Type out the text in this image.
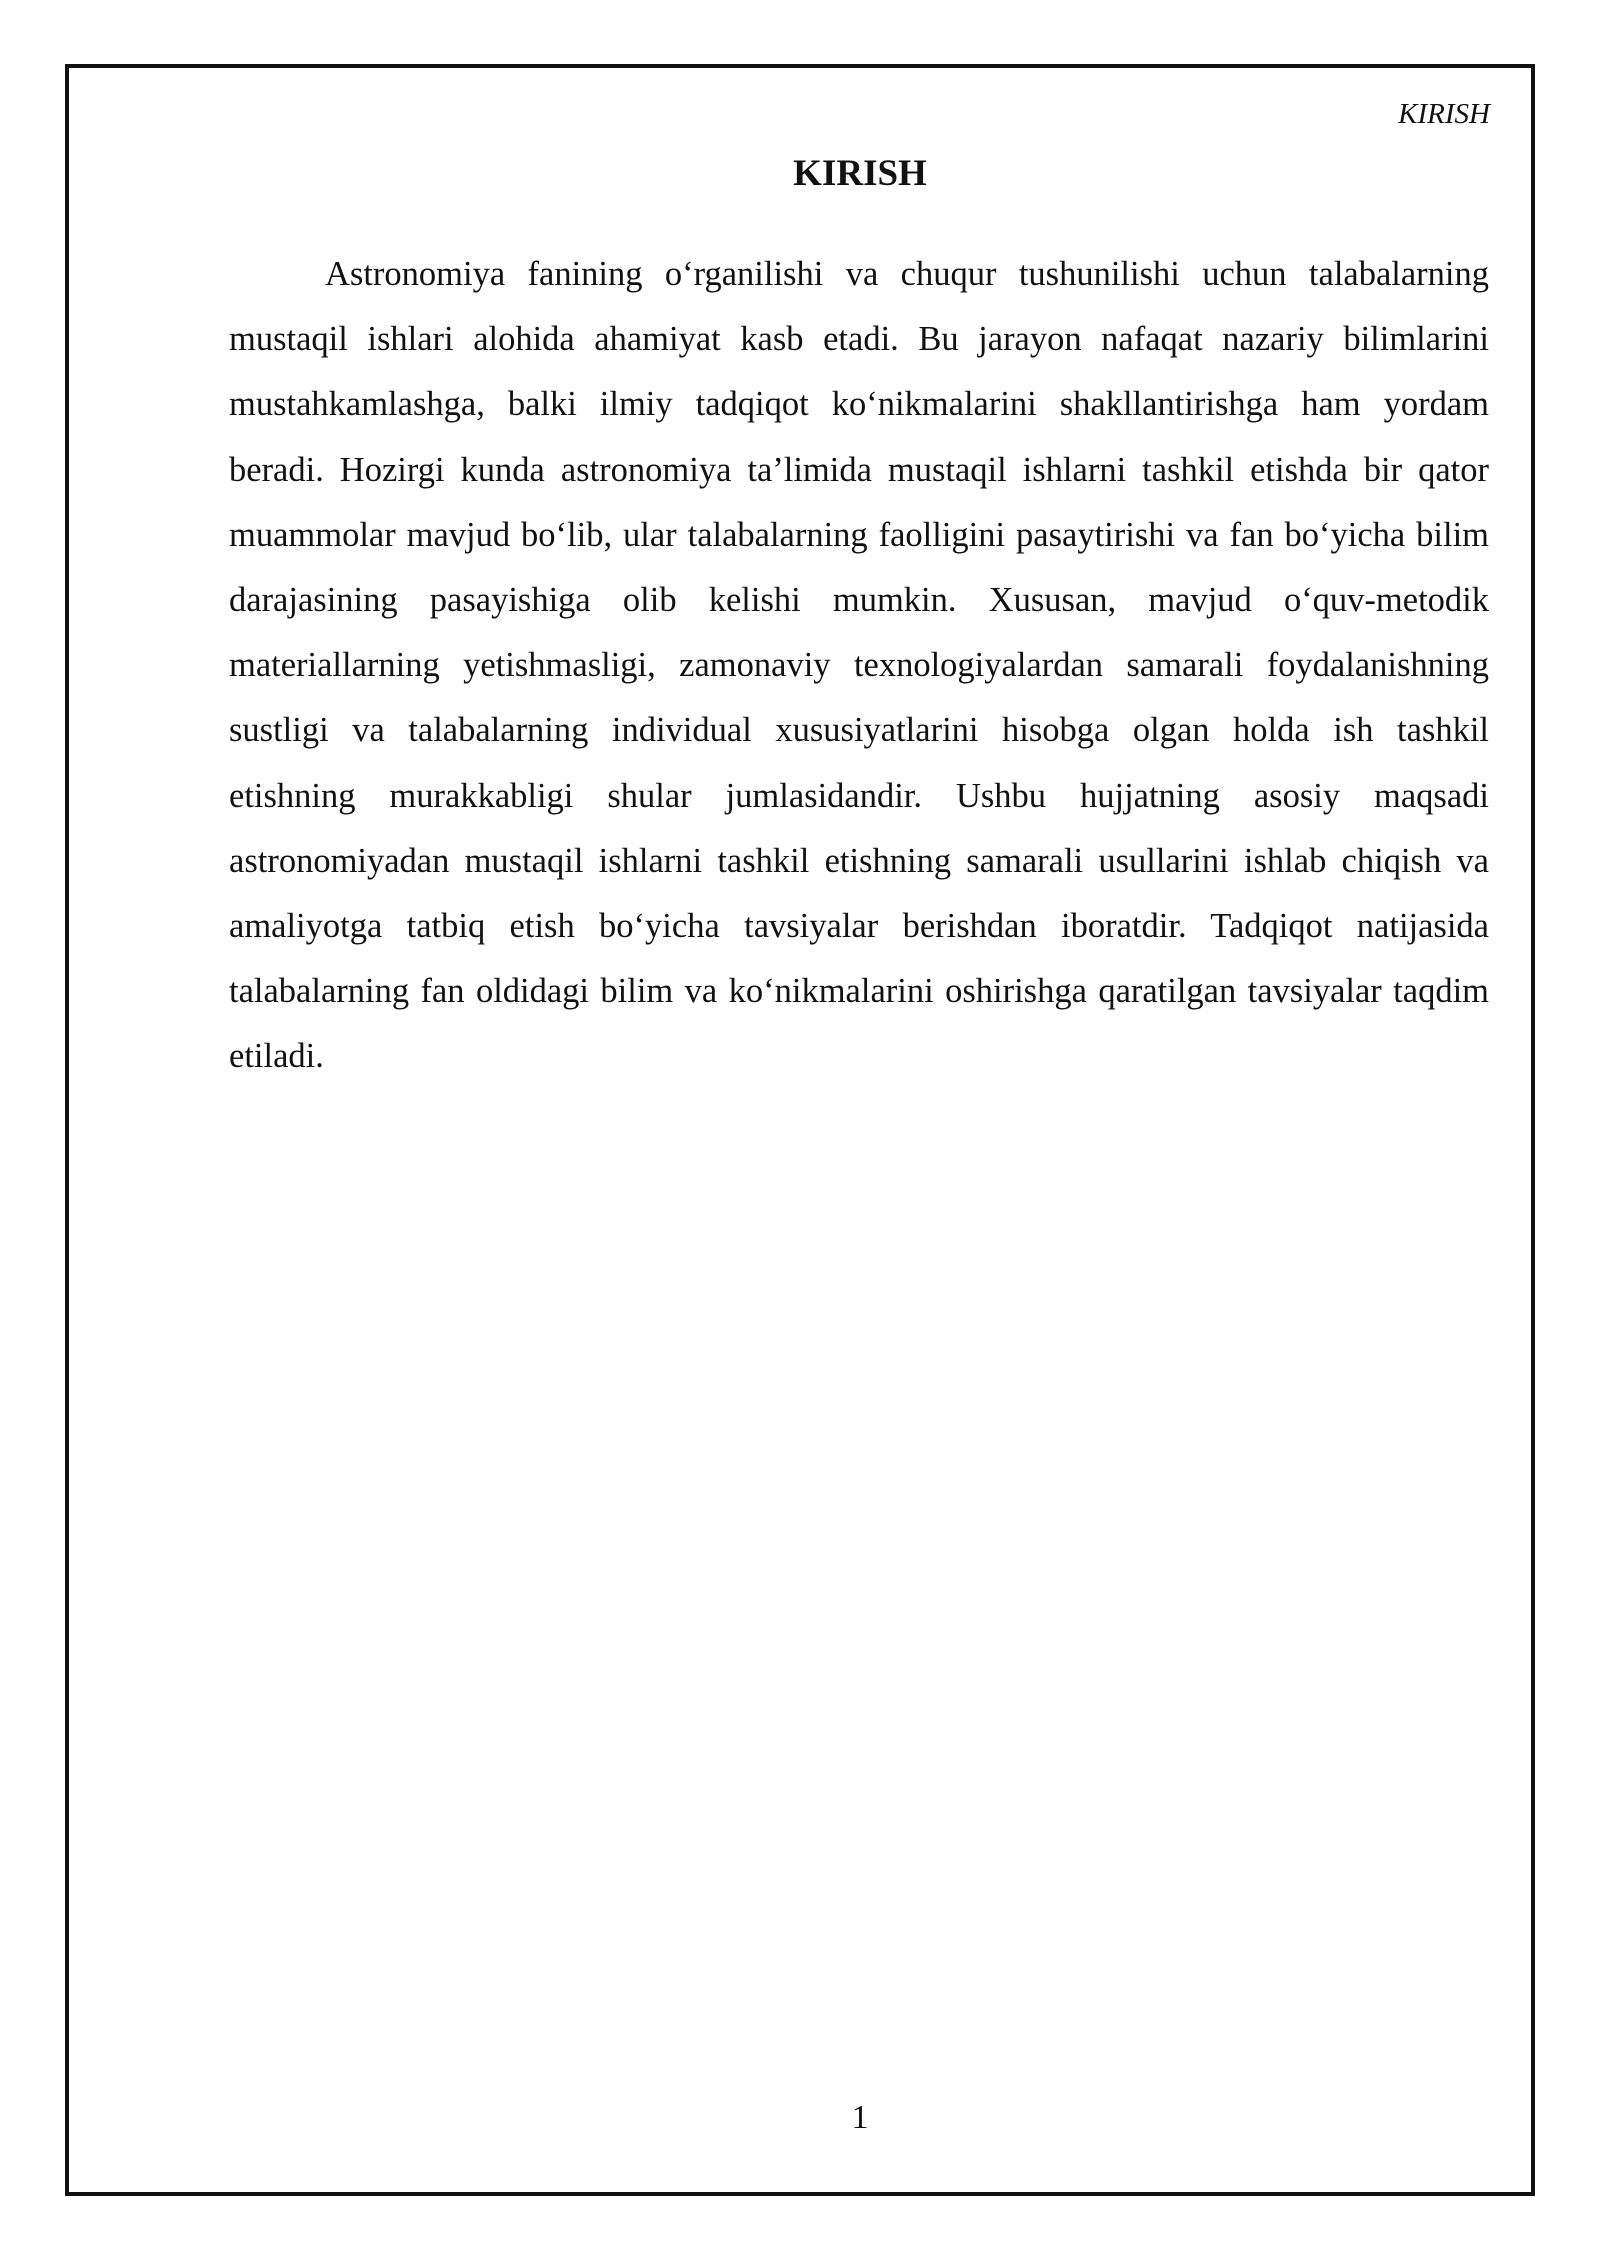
KIRISH
KIRISH

Astronomiya fanining o‘rganilishi va chuqur tushunilishi uchun talabalarning mustaqil ishlari alohida ahamiyat kasb etadi. Bu jarayon nafaqat nazariy bilimlarini mustahkamlashga, balki ilmiy tadqiqot ko‘nikmalarini shakllantirishga ham yordam beradi. Hozirgi kunda astronomiya ta’limida mustaqil ishlarni tashkil etishda bir qator muammolar mavjud bo‘lib, ular talabalarning faolligini pasaytirishi va fan bo‘yicha bilim darajasining pasayishiga olib kelishi mumkin. Xususan, mavjud o‘quv-metodik materiallarning yetishmasligi, zamonaviy texnologiyalardan samarali foydalanishning sustligi va talabalarning individual xususiyatlarini hisobga olgan holda ish tashkil etishning murakkabligi shular jumlasidandir. Ushbu hujjatning asosiy maqsadi astronomiyadan mustaqil ishlarni tashkil etishning samarali usullarini ishlab chiqish va amaliyotga tatbiq etish bo‘yicha tavsiyalar berishdan iboratdir. Tadqiqot natijasida talabalarning fan oldidagi bilim va ko‘nikmalarini oshirishga qaratilgan tavsiyalar taqdim etiladi.

1
